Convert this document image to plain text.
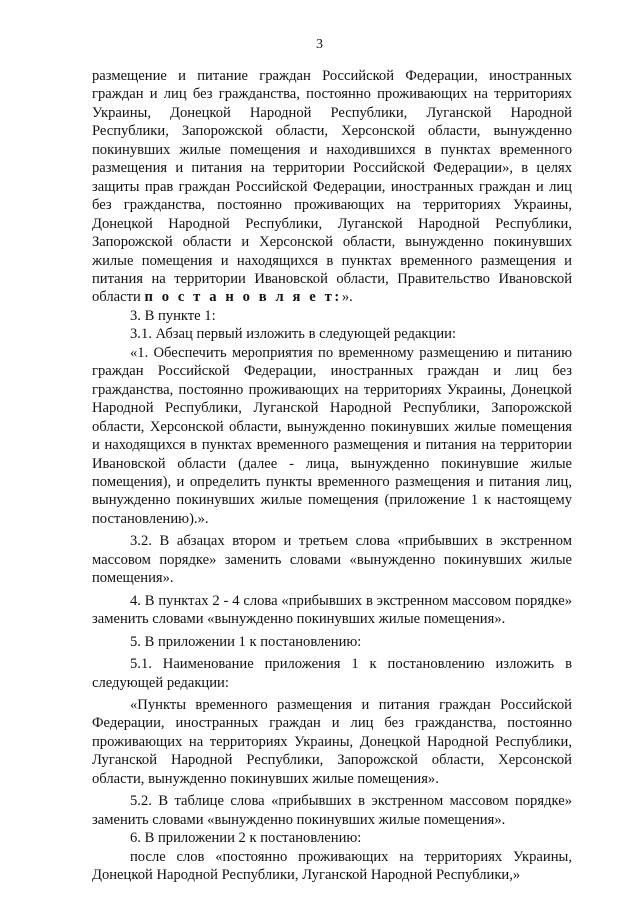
3

размещение и питание граждан Российской Федерации, иностранных граждан и лиц без гражданства, постоянно проживающих на территориях Украины, Донецкой Народной Республики, Луганской Народной Республики, Запорожской области, Херсонской области, вынужденно покинувших жилые помещения и находившихся в пунктах временного размещения и питания на территории Российской Федерации», в целях защиты прав граждан Российской Федерации, иностранных граждан и лиц без гражданства, постоянно проживающих на территориях Украины, Донецкой Народной Республики, Луганской Народной Республики, Запорожской области и Херсонской области, вынужденно покинувших жилые помещения и находящихся в пунктах временного размещения и питания на территории Ивановской области, Правительство Ивановской области п о с т а н о в л я е т:».

3. В пункте 1:

3.1. Абзац первый изложить в следующей редакции:

«1. Обеспечить мероприятия по временному размещению и питанию граждан Российской Федерации, иностранных граждан и лиц без гражданства, постоянно проживающих на территориях Украины, Донецкой Народной Республики, Луганской Народной Республики, Запорожской области, Херсонской области, вынужденно покинувших жилые помещения и находящихся в пунктах временного размещения и питания на территории Ивановской области (далее - лица, вынужденно покинувшие жилые помещения), и определить пункты временного размещения и питания лиц, вынужденно покинувших жилые помещения (приложение 1 к настоящему постановлению).».

3.2. В абзацах втором и третьем слова «прибывших в экстренном массовом порядке» заменить словами «вынужденно покинувших жилые помещения».

4. В пунктах 2 - 4 слова «прибывших в экстренном массовом порядке» заменить словами «вынужденно покинувших жилые помещения».

5. В приложении 1 к постановлению:

5.1. Наименование приложения 1 к постановлению изложить в следующей редакции:

«Пункты временного размещения и питания граждан Российской Федерации, иностранных граждан и лиц без гражданства, постоянно проживающих на территориях Украины, Донецкой Народной Республики, Луганской Народной Республики, Запорожской области, Херсонской области, вынужденно покинувших жилые помещения».

5.2. В таблице слова «прибывших в экстренном массовом порядке» заменить словами «вынужденно покинувших жилые помещения».

6. В приложении 2 к постановлению:

после слов «постоянно проживающих на территориях Украины, Донецкой Народной Республики, Луганской Народной Республики,»
